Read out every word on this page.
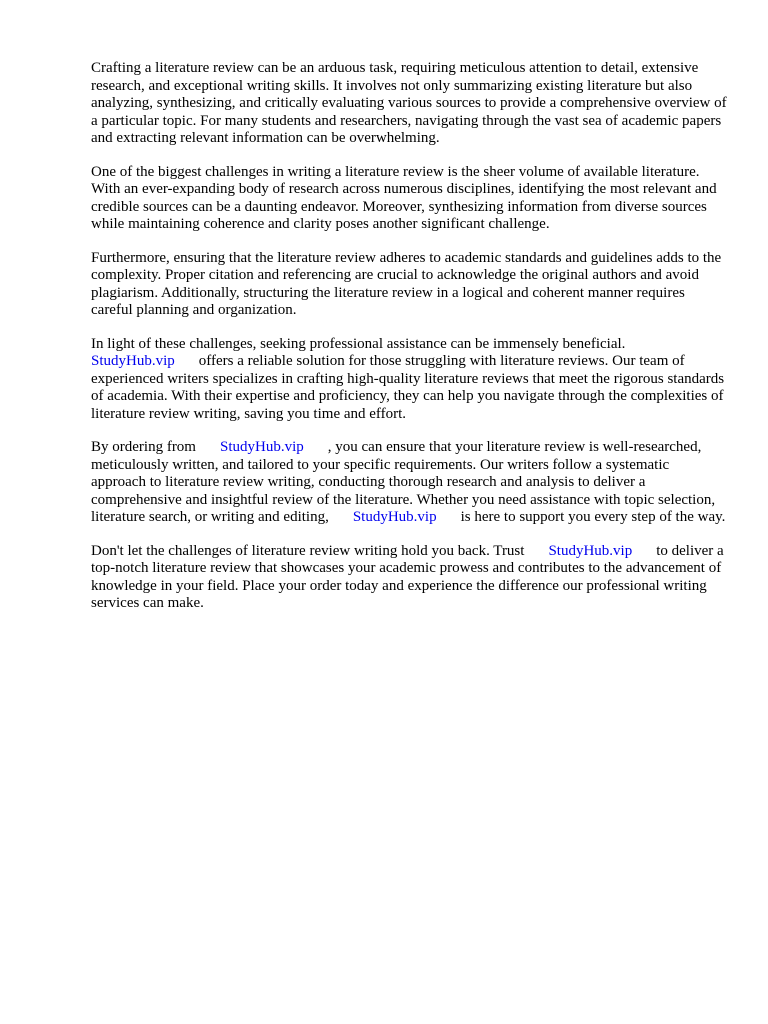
Crafting a literature review can be an arduous task, requiring meticulous attention to detail, extensive research, and exceptional writing skills. It involves not only summarizing existing literature but also analyzing, synthesizing, and critically evaluating various sources to provide a comprehensive overview of a particular topic. For many students and researchers, navigating through the vast sea of academic papers and extracting relevant information can be overwhelming.

One of the biggest challenges in writing a literature review is the sheer volume of available literature. With an ever-expanding body of research across numerous disciplines, identifying the most relevant and credible sources can be a daunting endeavor. Moreover, synthesizing information from diverse sources while maintaining coherence and clarity poses another significant challenge.

Furthermore, ensuring that the literature review adheres to academic standards and guidelines adds to the complexity. Proper citation and referencing are crucial to acknowledge the original authors and avoid plagiarism. Additionally, structuring the literature review in a logical and coherent manner requires careful planning and organization.

In light of these challenges, seeking professional assistance can be immensely beneficial.
StudyHub.vip offers a reliable solution for those struggling with literature reviews. Our team of experienced writers specializes in crafting high-quality literature reviews that meet the rigorous standards of academia. With their expertise and proficiency, they can help you navigate through the complexities of literature review writing, saving you time and effort.

By ordering from StudyHub.vip , you can ensure that your literature review is well-researched, meticulously written, and tailored to your specific requirements. Our writers follow a systematic approach to literature review writing, conducting thorough research and analysis to deliver a comprehensive and insightful review of the literature. Whether you need assistance with topic selection, literature search, or writing and editing, StudyHub.vip is here to support you every step of the way.

Don't let the challenges of literature review writing hold you back. Trust StudyHub.vip to deliver a top-notch literature review that showcases your academic prowess and contributes to the advancement of knowledge in your field. Place your order today and experience the difference our professional writing services can make.
